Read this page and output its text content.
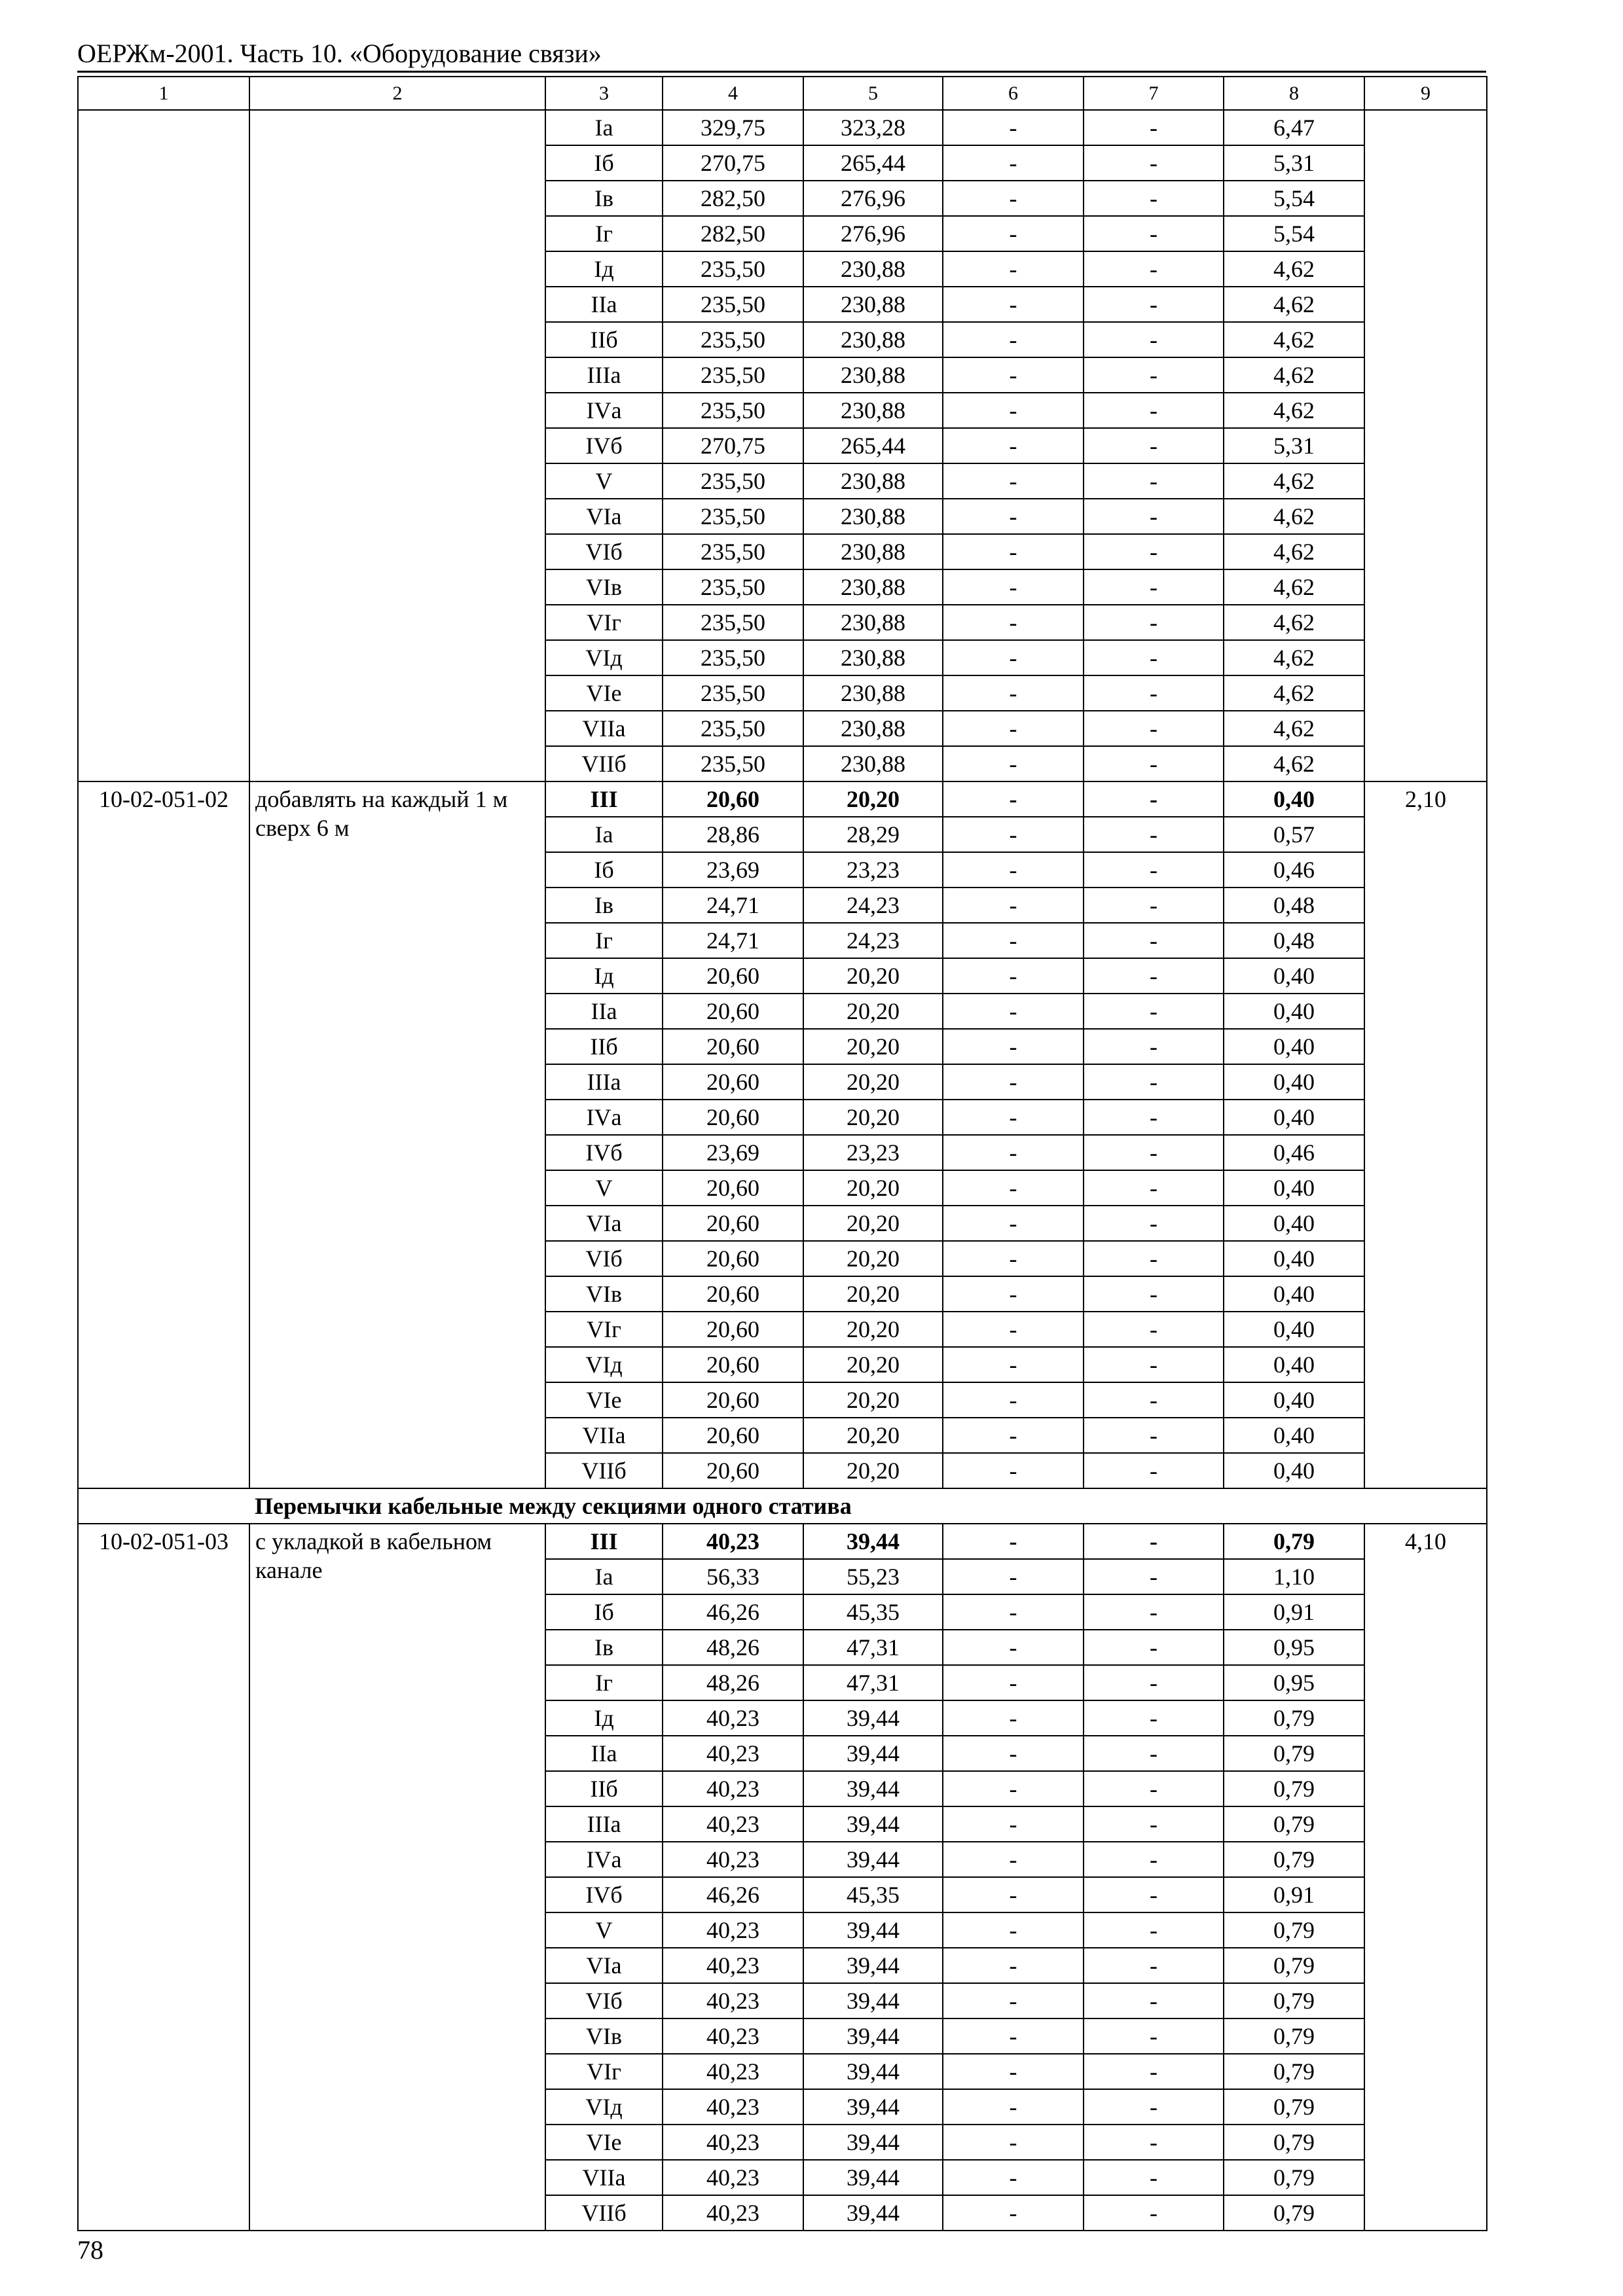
ОЕРЖм-2001. Часть 10. «Оборудование связи»
1	2	3	4	5	6	7	8	9
		Iа	329,75	323,28	-	-	6,47	
		Iб	270,75	265,44	-	-	5,31	
		Iв	282,50	276,96	-	-	5,54	
		Iг	282,50	276,96	-	-	5,54	
		Iд	235,50	230,88	-	-	4,62	
		IIа	235,50	230,88	-	-	4,62	
		IIб	235,50	230,88	-	-	4,62	
		IIIа	235,50	230,88	-	-	4,62	
		IVа	235,50	230,88	-	-	4,62	
		IVб	270,75	265,44	-	-	5,31	
		V	235,50	230,88	-	-	4,62	
		VIа	235,50	230,88	-	-	4,62	
		VIб	235,50	230,88	-	-	4,62	
		VIв	235,50	230,88	-	-	4,62	
		VIг	235,50	230,88	-	-	4,62	
		VIд	235,50	230,88	-	-	4,62	
		VIе	235,50	230,88	-	-	4,62	
		VIIа	235,50	230,88	-	-	4,62	
		VIIб	235,50	230,88	-	-	4,62	
10-02-051-02	добавлять на каждый 1 м сверх 6 м	III	20,60	20,20	-	-	0,40	2,10
		Iа	28,86	28,29	-	-	0,57	
		Iб	23,69	23,23	-	-	0,46	
		Iв	24,71	24,23	-	-	0,48	
		Iг	24,71	24,23	-	-	0,48	
		Iд	20,60	20,20	-	-	0,40	
		IIа	20,60	20,20	-	-	0,40	
		IIб	20,60	20,20	-	-	0,40	
		IIIа	20,60	20,20	-	-	0,40	
		IVа	20,60	20,20	-	-	0,40	
		IVб	23,69	23,23	-	-	0,46	
		V	20,60	20,20	-	-	0,40	
		VIа	20,60	20,20	-	-	0,40	
		VIб	20,60	20,20	-	-	0,40	
		VIв	20,60	20,20	-	-	0,40	
		VIг	20,60	20,20	-	-	0,40	
		VIд	20,60	20,20	-	-	0,40	
		VIе	20,60	20,20	-	-	0,40	
		VIIа	20,60	20,20	-	-	0,40	
		VIIб	20,60	20,20	-	-	0,40	
	Перемычки кабельные между секциями одного статива							
10-02-051-03	с укладкой в кабельном канале	III	40,23	39,44	-	-	0,79	4,10
		Iа	56,33	55,23	-	-	1,10	
		Iб	46,26	45,35	-	-	0,91	
		Iв	48,26	47,31	-	-	0,95	
		Iг	48,26	47,31	-	-	0,95	
		Iд	40,23	39,44	-	-	0,79	
		IIа	40,23	39,44	-	-	0,79	
		IIб	40,23	39,44	-	-	0,79	
		IIIа	40,23	39,44	-	-	0,79	
		IVа	40,23	39,44	-	-	0,79	
		IVб	46,26	45,35	-	-	0,91	
		V	40,23	39,44	-	-	0,79	
		VIа	40,23	39,44	-	-	0,79	
		VIб	40,23	39,44	-	-	0,79	
		VIв	40,23	39,44	-	-	0,79	
		VIг	40,23	39,44	-	-	0,79	
		VIд	40,23	39,44	-	-	0,79	
		VIе	40,23	39,44	-	-	0,79	
		VIIа	40,23	39,44	-	-	0,79	
		VIIб	40,23	39,44	-	-	0,79	
78
